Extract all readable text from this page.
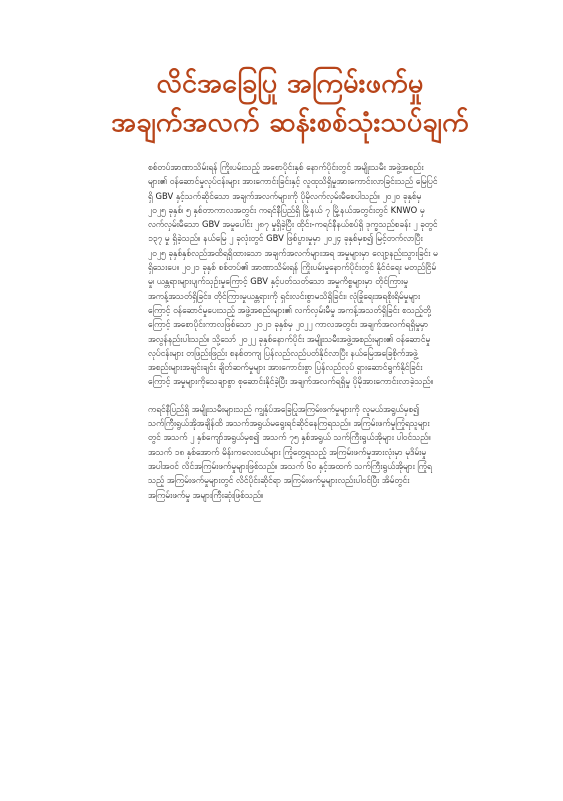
လိင်အခြေပြု အကြမ်းဖက်မှု
အချက်အလက် ဆန်းစစ်သုံးသပ်ချက်

စစ်တပ်အာဏာသိမ်းရန် ကြိုးပမ်းသည့် အစောပိုင်းနှစ် နောက်ပိုင်းတွင် အမျိုးသမီး အဖွဲ့အစည်းများ၏ ဝန်ဆောင်မှုလုပ်ငန်းများ အားကောင်းခြင်းနှင့် လူထုသိရှိမှုအားကောင်းလာခြင်းသည် မြေပြင်ရှိ GBV နှင့်သက်ဆိုင်သော အချက်အလက်များကို ပိုမိုလက်လှမ်းမီစေပါသည်။ ၂၀၂၀ ခုနှစ်မှ ၂၀၂၅ ခုနှစ်၊ ၅ နှစ်တာကာလအတွင်း ကရင်နီပြည်ရှိ မြို့နယ် ၇ မြို့နယ်အတွင်းတွင် KNWO မှ လက်လှမ်းမီသော GBV အမှုပေါင်း ၂၈၇ မှုရှိခဲ့ပြီး ထိုင်း-ကရင်နီနယ်စပ်ရှိ ဒုက္ခသည်စခန်း ၂ ခုတွင် ၁၃၇ မှု ရှိခဲ့သည်။ နယ်မြေ ၂ ခုလုံးတွင် GBV ဖြစ်ပွားမှုမှာ ၂၀၂၄ ခုနှစ်မှစ၍ မြင့်တက်လာပြီး ၂၀၂၅ ခုနှစ်နှစ်လည်အထိရရှိထားသော အချက်အလက်များအရ အမှုများမှာ လျော့နည်းသွားခြင်း မရှိသေးပေ။ ၂၀၂၁ ခုနှစ် စစ်တပ်၏ အာဏာသိမ်းရန် ကြိုးပမ်းမှုနောက်ပိုင်းတွင် နိုင်ငံရေး မတည်ငြိမ်မှု၊ ယန္တရားများပျက်သုဉ်းမှုကြောင့် GBV နှင့်ပတ်သတ်သော အမှုကိစ္စများမှာ တိုင်ကြားမှု အကန့်အသတ်ရှိခြင်း၊ တိုင်ကြားမှုယန္တရားကို ရှင်းလင်းစွာမသိရှိခြင်း၊ လုံခြုံရေးအရစိုးရိမ်မှုများကြောင့် ဝန်ဆောင်မှုပေးသည့် အဖွဲ့အစည်းများ၏ လက်လှမ်းမီမှု အကန့်အသတ်ရှိခြင်း စသည့်တို့ကြောင့် အစောပိုင်းကာလဖြစ်သော ၂၀၂၁ ခုနှစ်မှ ၂၀၂၂ ကာလအတွင်း အချက်အလက်ရရှိမှုမှာ အလွန်နည်းပါးသည်။ သို့သော် ၂၀၂၂ ခုနှစ်နောက်ပိုင်း အမျိုးသမီးအဖွဲ့အစည်းများ၏ ဝန်ဆောင်မှုလုပ်ငန်းများ တဖြည်းဖြည်း စနစ်တကျ ပြန်လည်လည်ပတ်နိုင်လာပြီး နယ်မြေအခြေစိုက်အဖွဲ့အစည်းများအချင်းချင်း ချိတ်ဆက်မှုများ အားကောင်းစွာ ပြန်လည်လုပ် ရှားဆောင်ရွက်နိုင်ခြင်းကြောင့် အမှုများကိုသေချာစွာ စုဆောင်းနိုင်ခဲ့ပြီး အချက်အလက်ရရှိမှု ပိုမိုအားကောင်းလာခဲ့သည်။

ကရင်နီပြည်ရှိ အမျိုးသမီးများသည် ကျွန်ုပ်အခြေပြုအကြမ်းဖက်မှုများကို လူမယ်အရွယ်မှစ၍ သက်ကြီးရွယ်အိုအချိန်ထိ အသက်အရွယ်မရွေးရင်ဆိုင်နေကြရသည်။ အကြမ်းဖက်မှုကြုံရသူများတွင် အသက် ၂ နှစ်ကျော်အရွယ်မှစ၍ အသက် ၇၅ နှစ်အရွယ် သက်ကြီးရွယ်အိုများ ပါဝင်သည်။ အသက် ၁၈ နှစ်အောက် မိန်းကလေးငယ်များ ကြုံတွေ့ရသည့် အကြမ်းဖက်မှုအားလုံးမှာ မုဒိမ်းမှု အပါအဝင် လိင်အကြမ်းဖက်မှုများဖြစ်သည်။ အသက် ၆၀ နှင့်အထက် သက်ကြီးရွယ်အိုများ ကြုံရသည့် အကြမ်းဖက်မှုများတွင် လိင်ပိုင်းဆိုင်ရာ အကြမ်းဖက်မှုများလည်းပါဝင်ပြီး အိမ်တွင်းအကြမ်းဖက်မှု အများကြီးဆုံးဖြစ်သည်။
